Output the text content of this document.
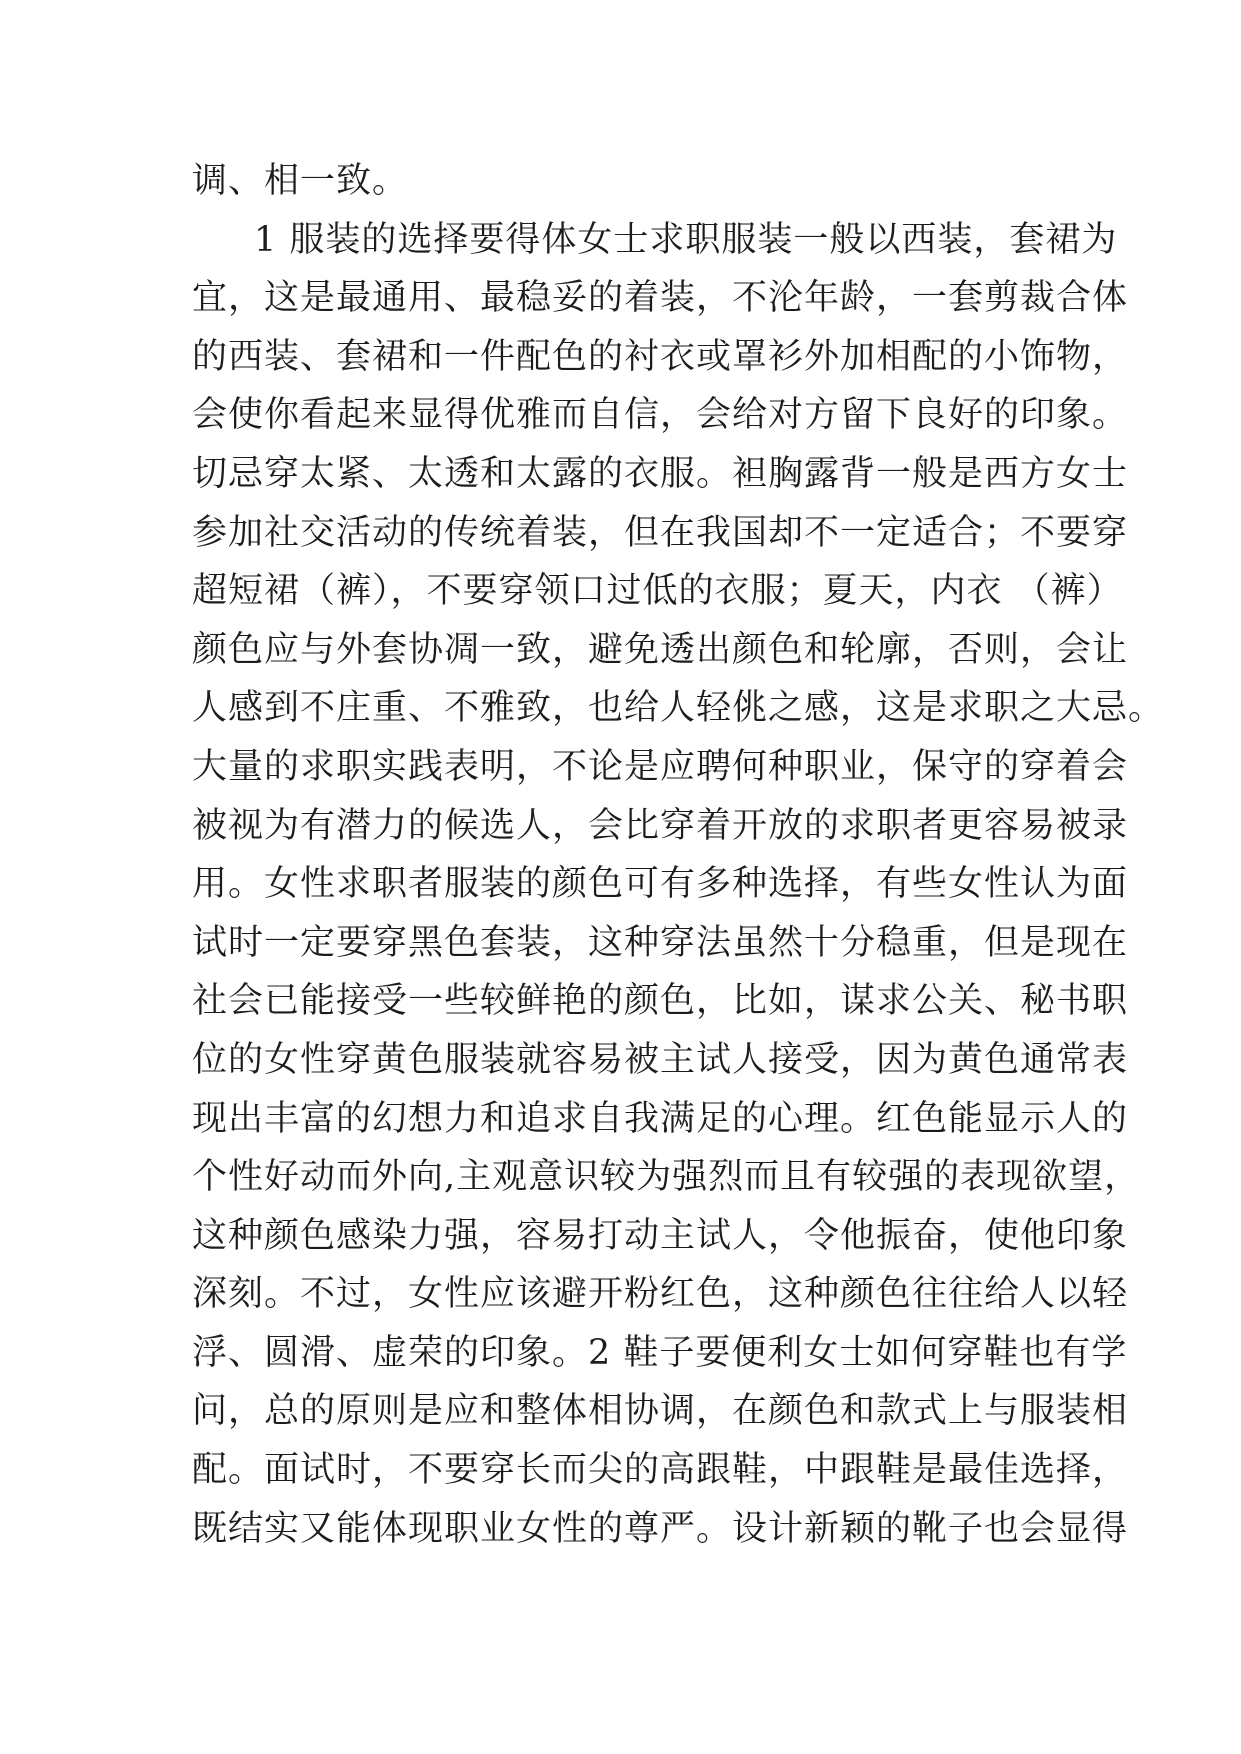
调、相一致。
1 服装的选择要得体女士求职服装一般以西装，套裙为
宜，这是最通用、最稳妥的着装，不沦年龄，一套剪裁合体
的西装、套裙和一件配色的衬衣或罩衫外加相配的小饰物，
会使你看起来显得优雅而自信，会给对方留下良好的印象。
切忌穿太紧、太透和太露的衣服。袒胸露背一般是西方女士
参加社交活动的传统着装，但在我国却不一定适合；不要穿
超短裙（裤），不要穿领口过低的衣服；夏天，内衣 （裤）
颜色应与外套协凋一致，避免透出颜色和轮廓，否则，会让
人感到不庄重、不雅致，也给人轻佻之感，这是求职之大忌。
大量的求职实践表明，不论是应聘何种职业，保守的穿着会
被视为有潜力的候选人，会比穿着开放的求职者更容易被录
用。女性求职者服装的颜色可有多种选择，有些女性认为面
试时一定要穿黑色套装，这种穿法虽然十分稳重，但是现在
社会已能接受一些较鲜艳的颜色，比如，谋求公关、秘书职
位的女性穿黄色服装就容易被主试人接受，因为黄色通常表
现出丰富的幻想力和追求自我满足的心理。红色能显示人的
个性好动而外向,主观意识较为强烈而且有较强的表现欲望，
这种颜色感染力强，容易打动主试人，令他振奋，使他印象
深刻。不过，女性应该避开粉红色，这种颜色往往给人以轻
浮、圆滑、虚荣的印象。2 鞋子要便利女士如何穿鞋也有学
问，总的原则是应和整体相协调，在颜色和款式上与服装相
配。面试时，不要穿长而尖的高跟鞋，中跟鞋是最佳选择，
既结实又能体现职业女性的尊严。设计新颖的靴子也会显得
